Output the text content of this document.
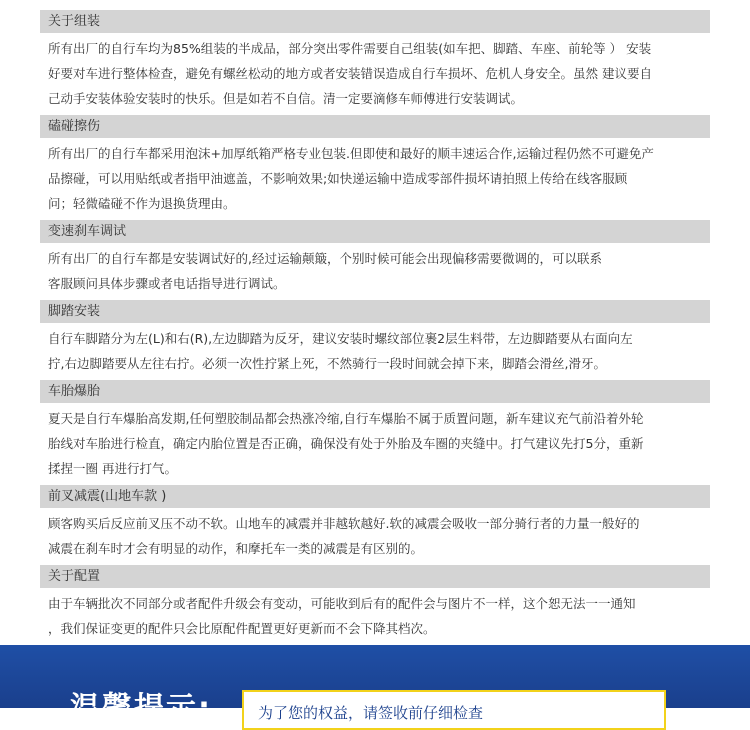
关于组装
所有出厂的自行车均为85%组装的半成品，部分突出零件需要自己组装(如车把、脚踏、车座、前轮等 ） 安装
好要对车进行整体检查，避免有螺丝松动的地方或者安装错误造成自行车损坏、危机人身安全。虽然 建议要自
己动手安装体验安装时的快乐。但是如若不自信。清一定要滴修车师傅进行安装调试。
磕碰擦伤
所有出厂的自行车都采用泡沫+加厚纸箱严格专业包装.但即使和最好的顺丰速运合作,运输过程仍然不可避免产
品擦碰，可以用贴纸或者指甲油遮盖，不影响效果;如快递运输中造成零部件损坏请拍照上传给在线客服顾
问；轻微磕碰不作为退换货理由。
变速刹车调试
所有出厂的自行车都是安装调试好的,经过运输颠簸，个别时候可能会出现偏移需要微调的，可以联系
客服顾问具体步骤或者电话指导进行调试。
脚踏安装
自行车脚踏分为左(L)和右(R),左边脚踏为反牙，建议安装时螺纹部位裹2层生料带，左边脚踏要从右面向左
拧,右边脚踏要从左往右拧。必须一次性拧紧上死，不然骑行一段时间就会掉下来，脚踏会滑丝,滑牙。
车胎爆胎
夏天是自行车爆胎高发期,任何塑胶制品都会热涨冷缩,自行车爆胎不属于质置问题，新车建议充气前沿着外轮
胎线对车胎进行检直，确定内胎位置是否正确，确保没有处于外胎及车圈的夹缝中。打气建议先打5分，重新
揉捏一圈 再进行打气。
前叉减震(山地车款 )
顾客购买后反应前叉压不动不软。山地车的减震并非越软越好.软的减震会吸收一部分骑行者的力量一般好的
减震在刹车时才会有明显的动作，和摩托车一类的减震是有区别的。
关于配置
由于车辆批次不同部分或者配件升级会有变动，可能收到后有的配件会与图片不一样，这个恕无法一一通知
，我们保证变更的配件只会比原配件配置更好更新而不会下降其档次。
温馨提示:	为了您的权益，请签收前仔细检查
